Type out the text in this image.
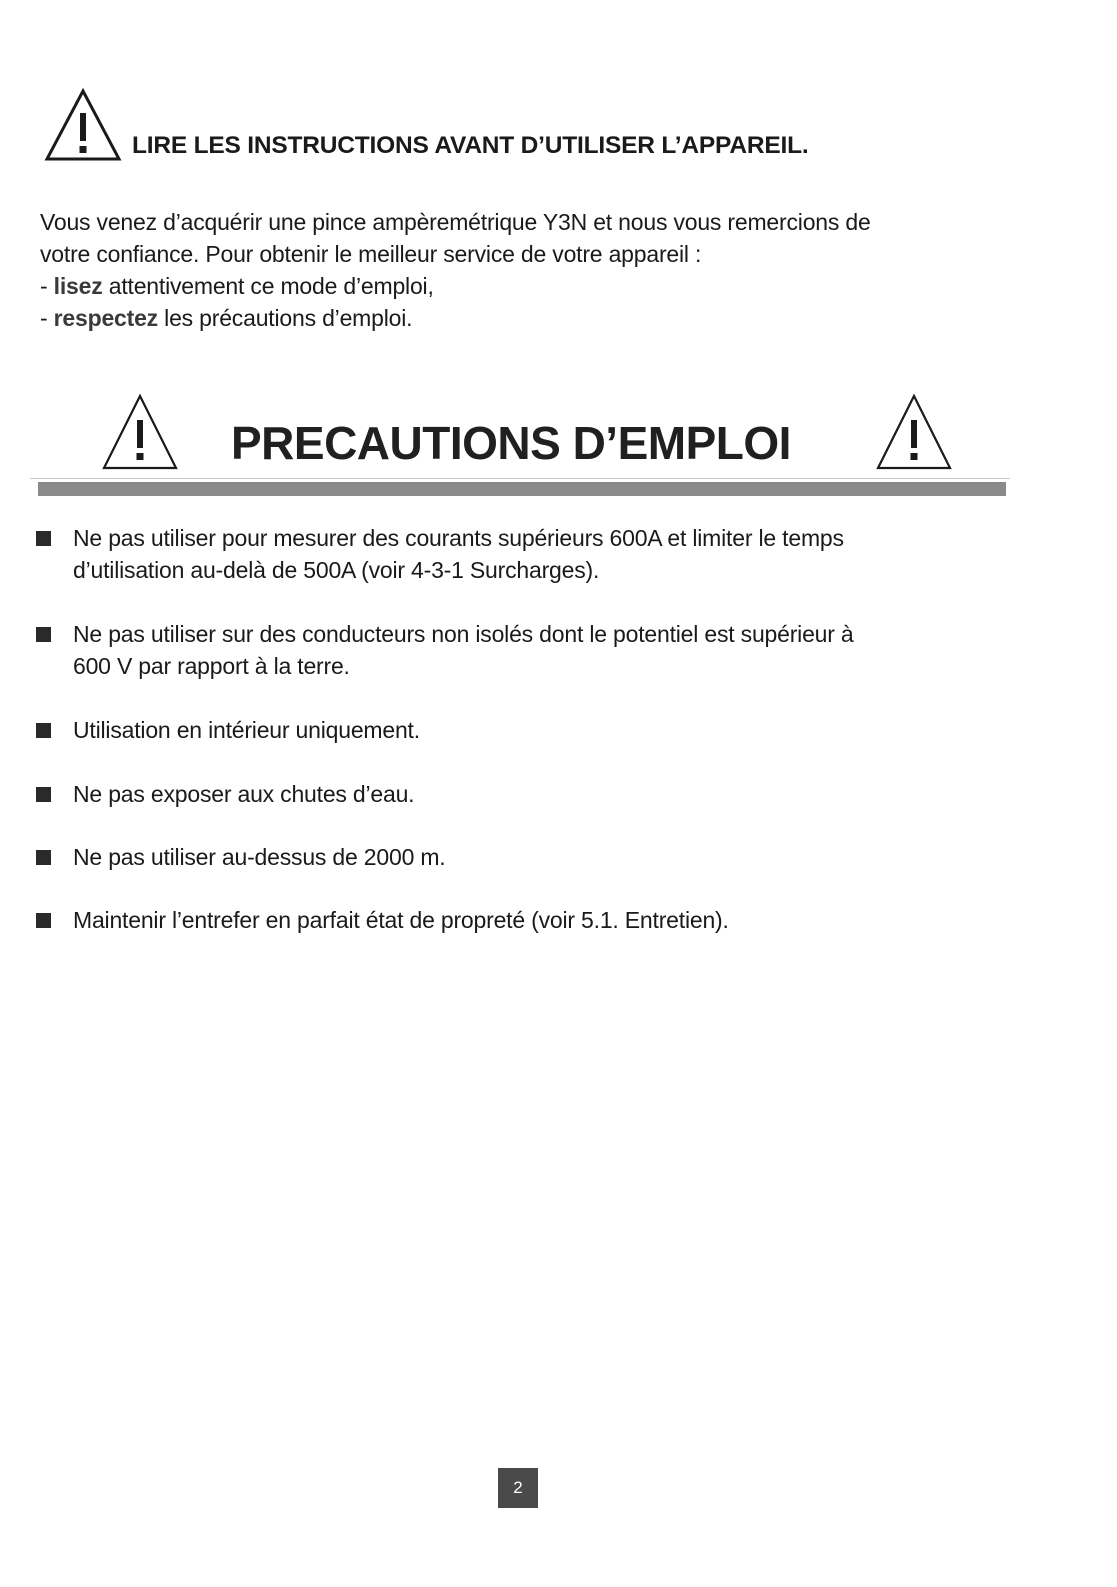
LIRE LES INSTRUCTIONS AVANT D’UTILISER L’APPAREIL.
Vous venez d’acquérir une pince ampèremétrique Y3N et nous vous remercions de
votre confiance. Pour obtenir le meilleur service de votre appareil :
- lisez attentivement ce mode d’emploi,
- respectez les précautions d’emploi.
PRECAUTIONS D’EMPLOI
Ne pas utiliser pour mesurer des courants supérieurs 600A et limiter le temps
d’utilisation au-delà de 500A (voir 4-3-1 Surcharges).
Ne pas utiliser sur des conducteurs non isolés dont le potentiel est supérieur à
600 V par rapport à la terre.
Utilisation en intérieur uniquement.
Ne pas exposer aux chutes d’eau.
Ne pas utiliser au-dessus de 2000 m.
Maintenir l’entrefer en parfait état de propreté (voir 5.1. Entretien).
2
